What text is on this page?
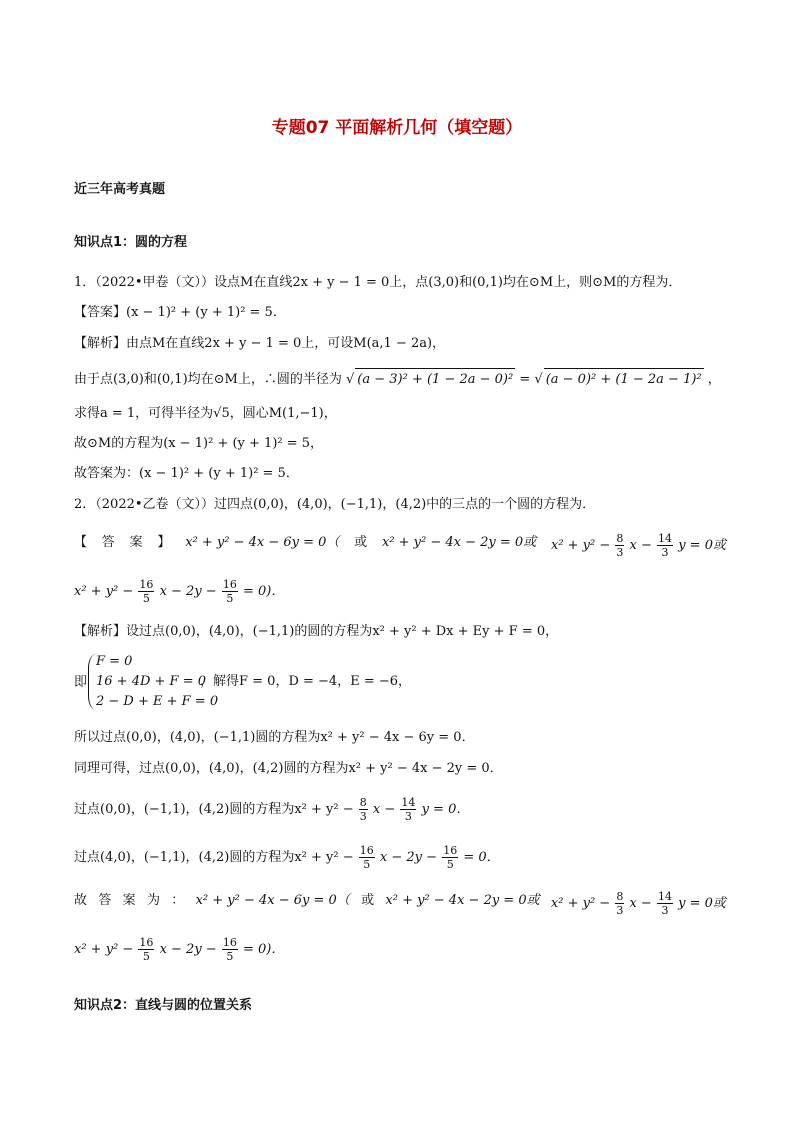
专题07 平面解析几何（填空题）
近三年高考真题
知识点1：圆的方程
1．（2022•甲卷（文））设点M在直线2x + y − 1 = 0上，点(3,0)和(0,1)均在⊙M上，则⊙M的方程为．
【答案】(x − 1)² + (y + 1)² = 5．
【解析】由点M在直线2x + y − 1 = 0上，可设M(a,1 − 2a)，
由于点(3,0)和(0,1)均在⊙M上，∴圆的半径为 √ (a − 3)² + (1 − 2a − 0)² = √ (a − 0)² + (1 − 2a − 1)² ，
求得a = 1，可得半径为√5，圆心M(1,−1)，
故⊙M的方程为(x − 1)² + (y + 1)² = 5，
故答案为：(x − 1)² + (y + 1)² = 5．
2．（2022•乙卷（文））过四点(0,0)，(4,0)，(−1,1)，(4,2)中的三点的一个圆的方程为．
【 答 案 】 x² + y² − 4x − 6y = 0（ 或 x² + y² − 4x − 2y = 0或 $x^2 + y^2 - \frac{8}{3}$ $x - \frac{14}{3}$ y = 0或
$x^2 + y^2 - \frac{16}{5}$ $x - 2y - \frac{16}{5} = 0$)．
【解析】设过点(0,0)，(4,0)，(−1,1)的圆的方程为x² + y² + Dx + Ey + F = 0，
即
F = 0
16 + 4D + F = 0
2 − D + E + F = 0
，解得F = 0，D = −4，E = −6，
所以过点(0,0)，(4,0)，(−1,1)圆的方程为x² + y² − 4x − 6y = 0．
同理可得，过点(0,0)，(4,0)，(4,2)圆的方程为x² + y² − 4x − 2y = 0．
过点(0,0)，(−1,1)，(4,2)圆的方程为$x^2 + y^2 - \frac{8}{3}$ $x - \frac{14}{3}$ y = 0．
过点(4,0)，(−1,1)，(4,2)圆的方程为$x^2 + y^2 - \frac{16}{5}$ $x - 2y - \frac{16}{5} = 0$．
故 答 案 为 ： x² + y² − 4x − 6y = 0（ 或 x² + y² − 4x − 2y = 0或 $x^2 + y^2 - \frac{8}{3}$ $x - \frac{14}{3}$ y = 0或
$x^2 + y^2 - \frac{16}{5}$ $x - 2y - \frac{16}{5} = 0$)．
知识点2：直线与圆的位置关系
